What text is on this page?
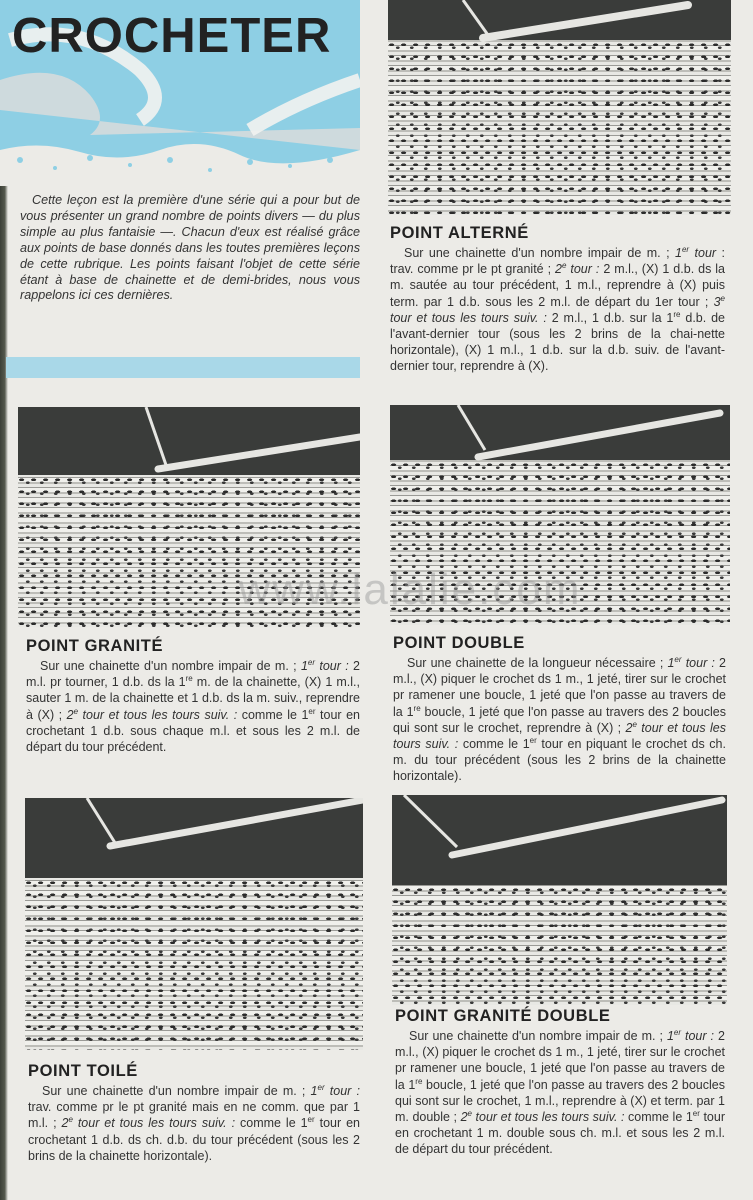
CROCHETER
Cette leçon est la première d'une série qui a pour but de vous présenter un grand nombre de points divers — du plus simple au plus fantaisie —. Chacun d'eux est réalisé grâce aux points de base donnés dans les toutes premières leçons de cette rubrique. Les points faisant l'objet de cette série étant à base de chainette et de demi-brides, nous vous rappelons ici ces dernières.
POINT ALTERNÉ
Sur une chainette d'un nombre impair de m. ; 1er tour : trav. comme pr le pt granité ; 2e tour : 2 m.l., (X) 1 d.b. ds la m. sautée au tour précédent, 1 m.l., reprendre à (X) puis term. par 1 d.b. sous les 2 m.l. de départ du 1er tour ; 3e tour et tous les tours suiv. : 2 m.l., 1 d.b. sur la 1re d.b. de l'avant-dernier tour (sous les 2 brins de la chai-nette horizontale), (X) 1 m.l., 1 d.b. sur la d.b. suiv. de l'avant-dernier tour, reprendre à (X).
www.lalalie.com
POINT GRANITÉ
Sur une chainette d'un nombre impair de m. ; 1er tour : 2 m.l. pr tourner, 1 d.b. ds la 1re m. de la chainette, (X) 1 m.l., sauter 1 m. de la chainette et 1 d.b. ds la m. suiv., reprendre à (X) ; 2e tour et tous les tours suiv. : comme le 1er tour en crochetant 1 d.b. sous chaque m.l. et sous les 2 m.l. de départ du tour précédent.
POINT DOUBLE
Sur une chainette de la longueur nécessaire ; 1er tour : 2 m.l., (X) piquer le crochet ds 1 m., 1 jeté, tirer sur le crochet pr ramener une boucle, 1 jeté que l'on passe au travers de la 1re boucle, 1 jeté que l'on passe au travers des 2 boucles qui sont sur le crochet, reprendre à (X) ; 2e tour et tous les tours suiv. : comme le 1er tour en piquant le crochet ds ch. m. du tour précédent (sous les 2 brins de la chainette horizontale).
POINT TOILÉ
Sur une chainette d'un nombre impair de m. ; 1er tour : trav. comme pr le pt granité mais en ne comm. que par 1 m.l. ; 2e tour et tous les tours suiv. : comme le 1er tour en crochetant 1 d.b. ds ch. d.b. du tour précédent (sous les 2 brins de la chainette horizontale).
POINT GRANITÉ DOUBLE
Sur une chainette d'un nombre impair de m. ; 1er tour : 2 m.l., (X) piquer le crochet ds 1 m., 1 jeté, tirer sur le crochet pr ramener une boucle, 1 jeté que l'on passe au travers de la 1re boucle, 1 jeté que l'on passe au travers des 2 boucles qui sont sur le crochet, 1 m.l., reprendre à (X) et term. par 1 m. double ; 2e tour et tous les tours suiv. : comme le 1er tour en crochetant 1 m. double sous ch. m.l. et sous les 2 m.l. de départ du tour précédent.
